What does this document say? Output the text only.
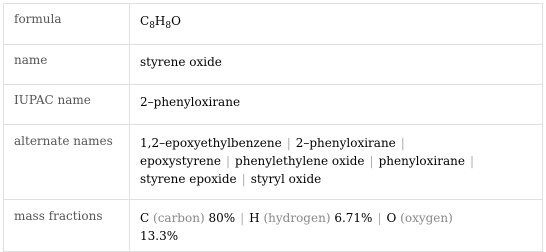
formula	$C_8H_8O$
name	styrene oxide
IUPAC name	2–phenyloxirane
alternate names	1,2–epoxyethylbenzene | 2–phenyloxirane |
epoxystyrene | phenylethylene oxide | phenyloxirane |
styrene epoxide | styryl oxide
mass fractions	C (carbon) 80% | H (hydrogen) 6.71% | O (oxygen)
13.3%
